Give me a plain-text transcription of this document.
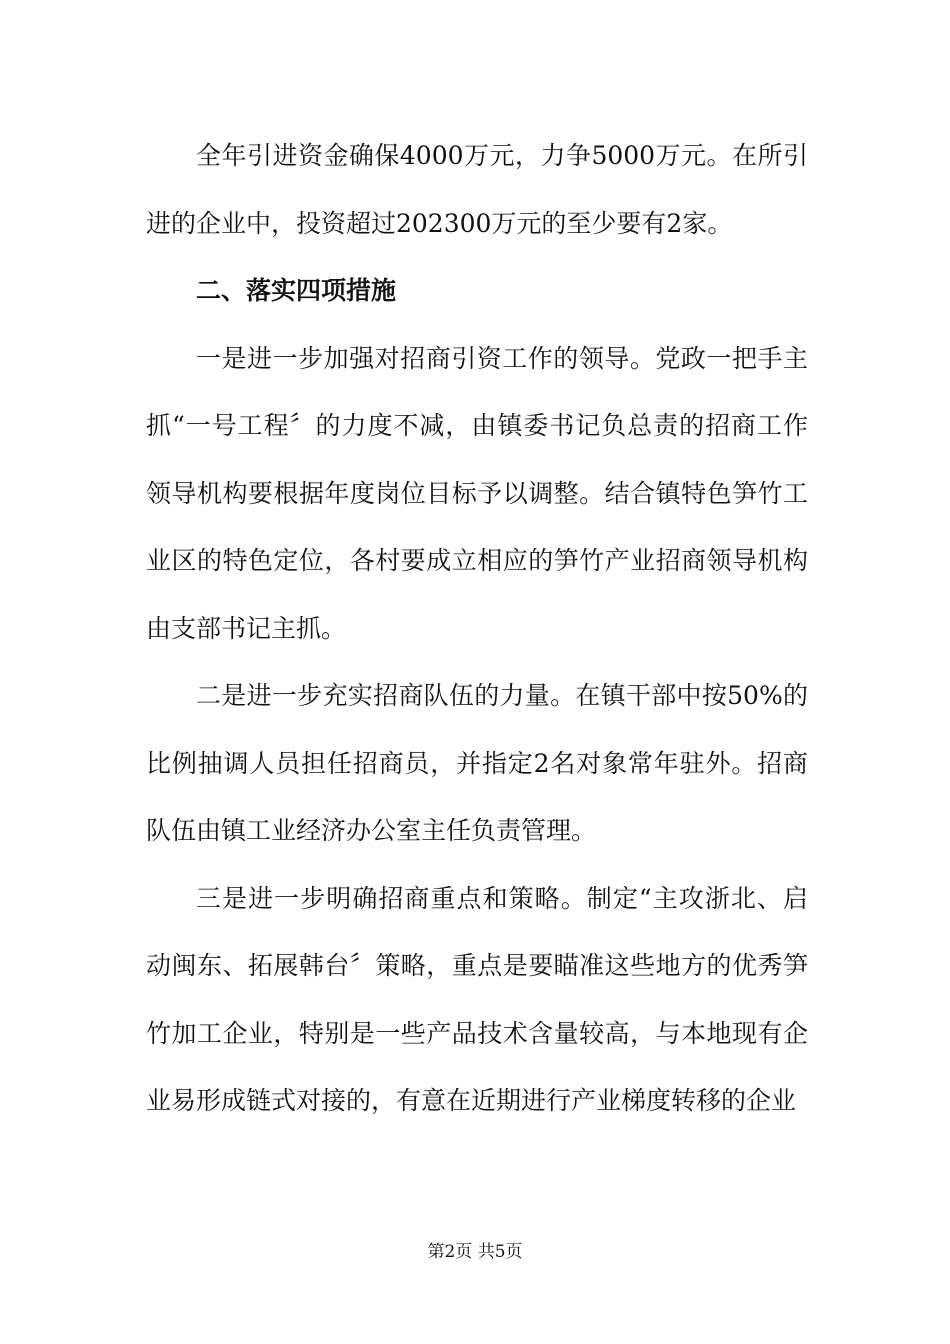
全年引进资金确保4000万元，力争5000万元。在所引进的企业中，投资超过202300万元的至少要有2家。

二、落实四项措施

一是进一步加强对招商引资工作的领导。党政一把手主抓“一号工程〞的力度不减，由镇委书记负总责的招商工作领导机构要根据年度岗位目标予以调整。结合镇特色笋竹工业区的特色定位，各村要成立相应的笋竹产业招商领导机构由支部书记主抓。

二是进一步充实招商队伍的力量。在镇干部中按50%的比例抽调人员担任招商员，并指定2名对象常年驻外。招商队伍由镇工业经济办公室主任负责管理。

三是进一步明确招商重点和策略。制定“主攻浙北、启动闽东、拓展韩台〞策略，重点是要瞄准这些地方的优秀笋竹加工企业，特别是一些产品技术含量较高，与本地现有企业易形成链式对接的，有意在近期进行产业梯度转移的企业

第2页 共5页
